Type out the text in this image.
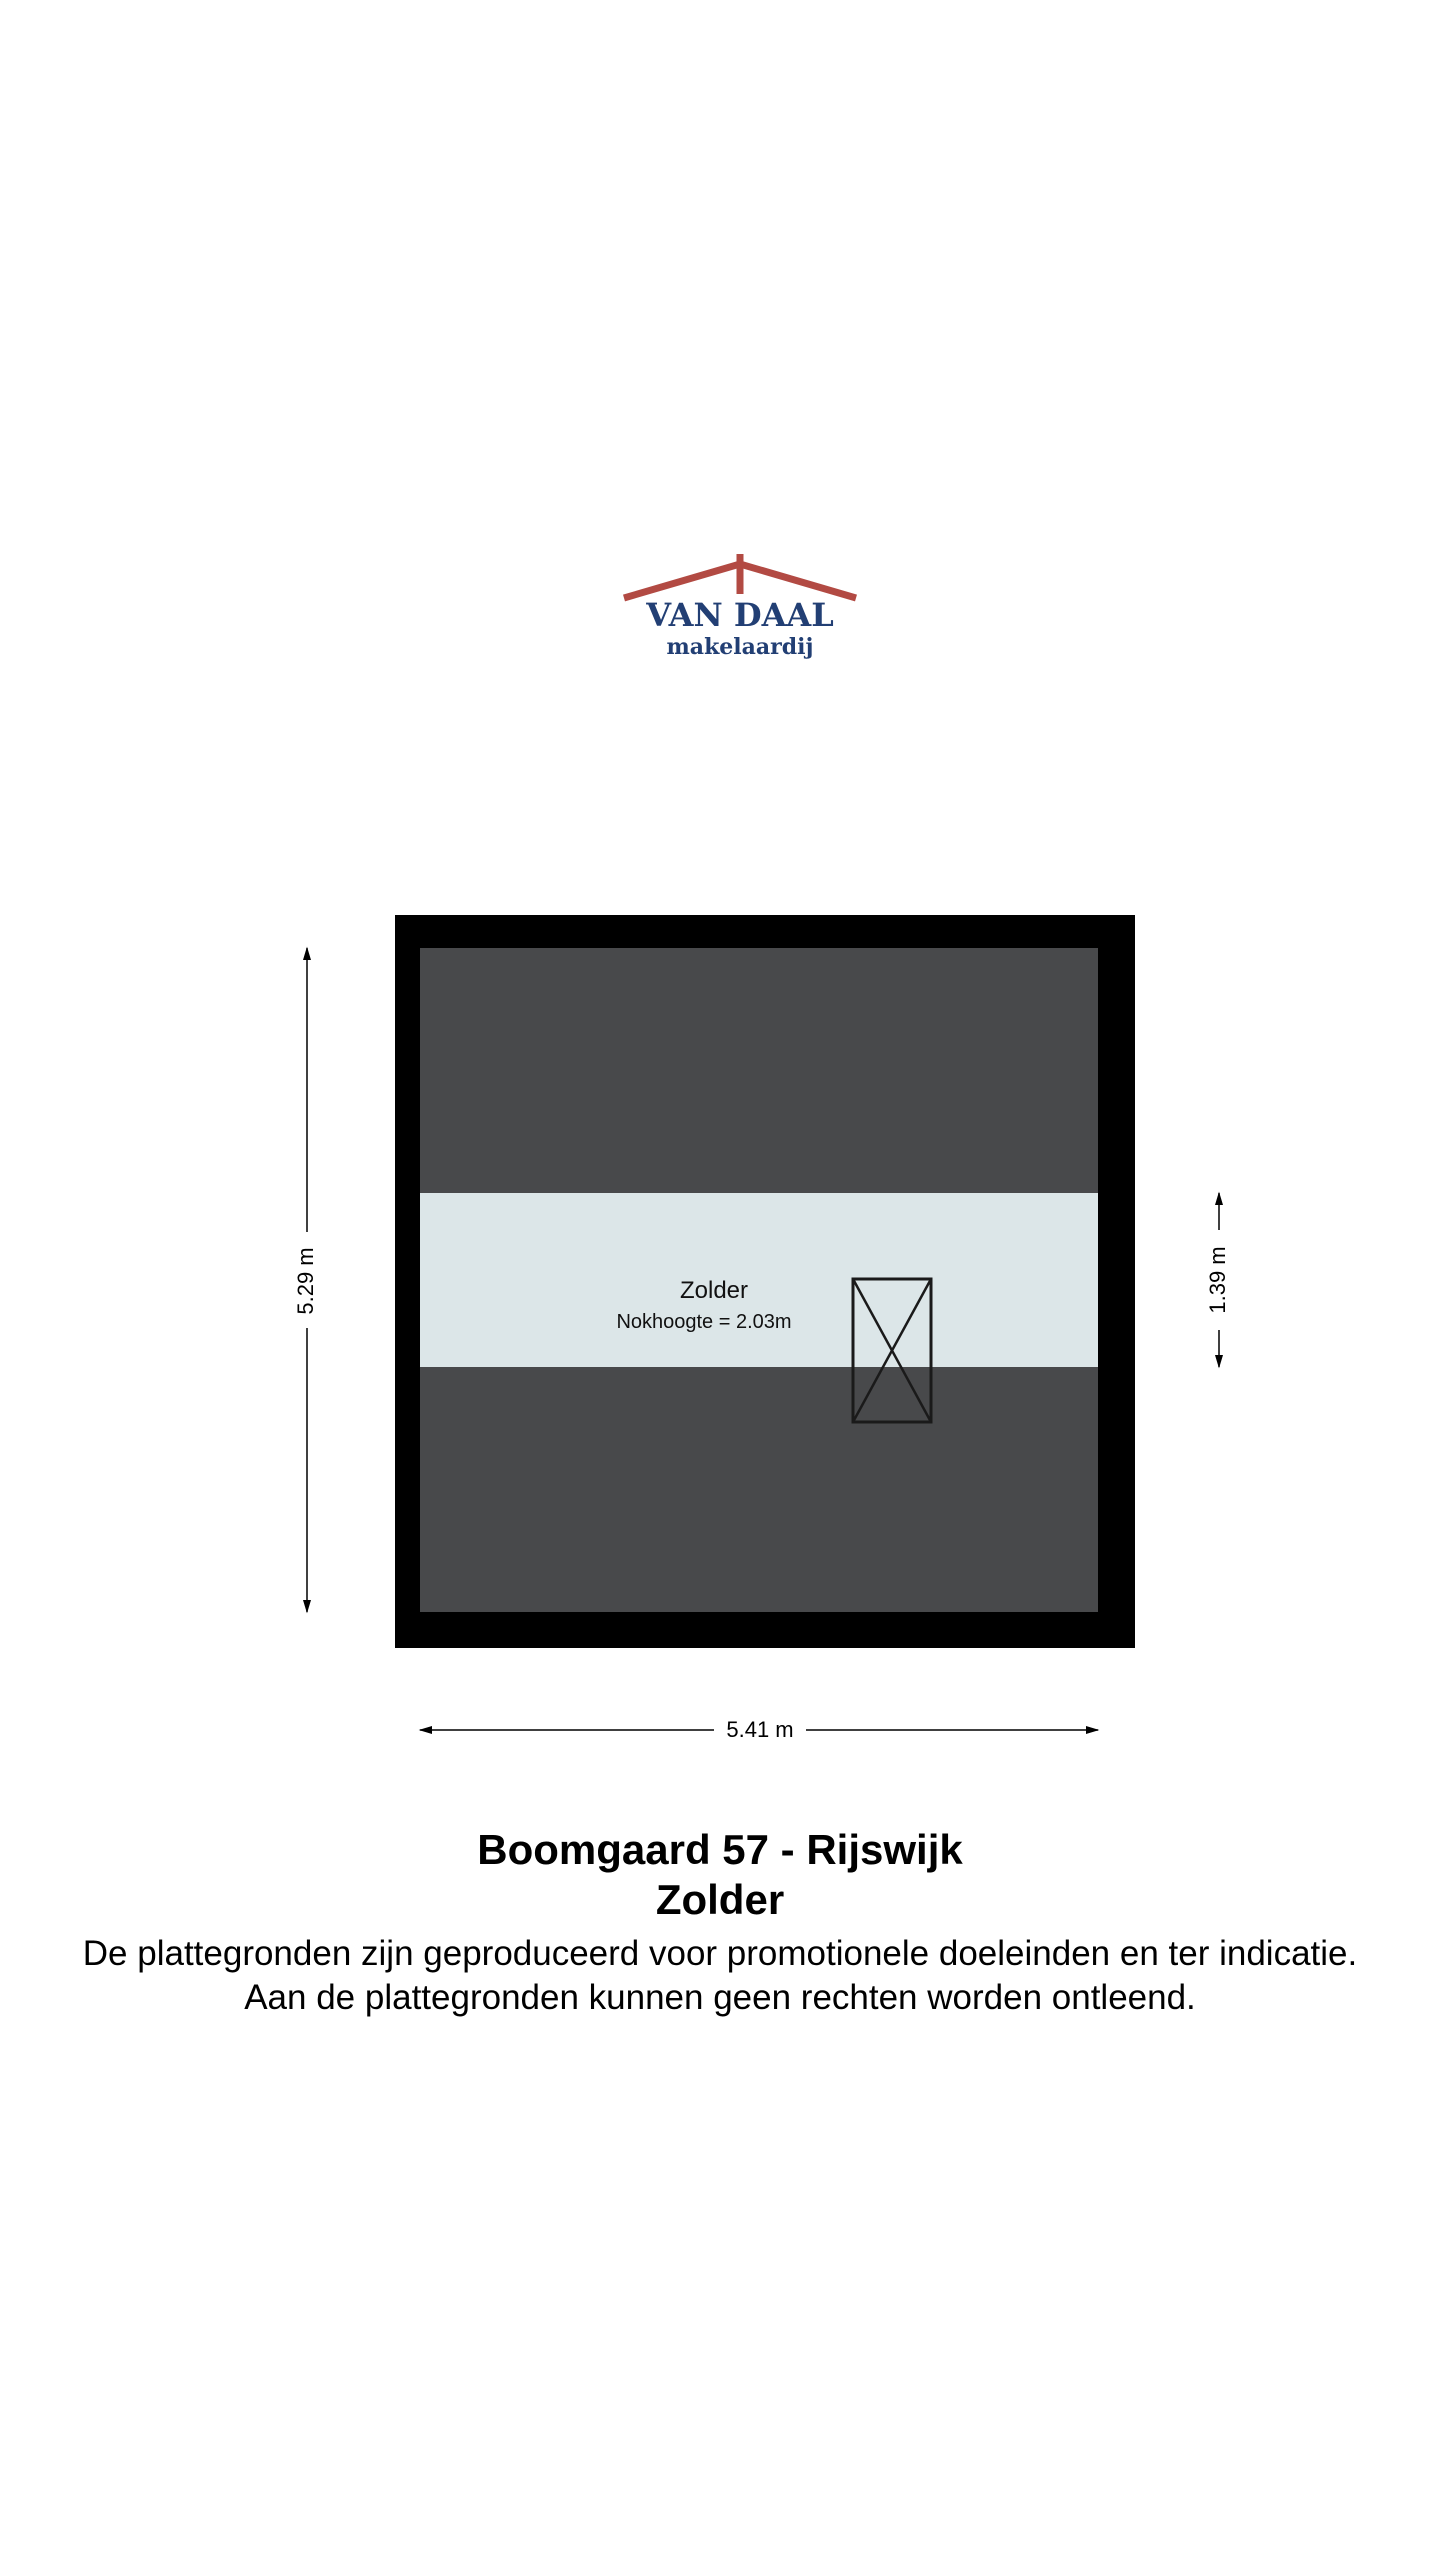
VAN DAAL
makelaardij
Zolder
Nokhoogte = 2.03m
5.29 m	1.39 m
5.41 m
Boomgaard 57 - Rijswijk
Zolder
De plattegronden zijn geproduceerd voor promotionele doeleinden en ter indicatie.
Aan de plattegronden kunnen geen rechten worden ontleend.
